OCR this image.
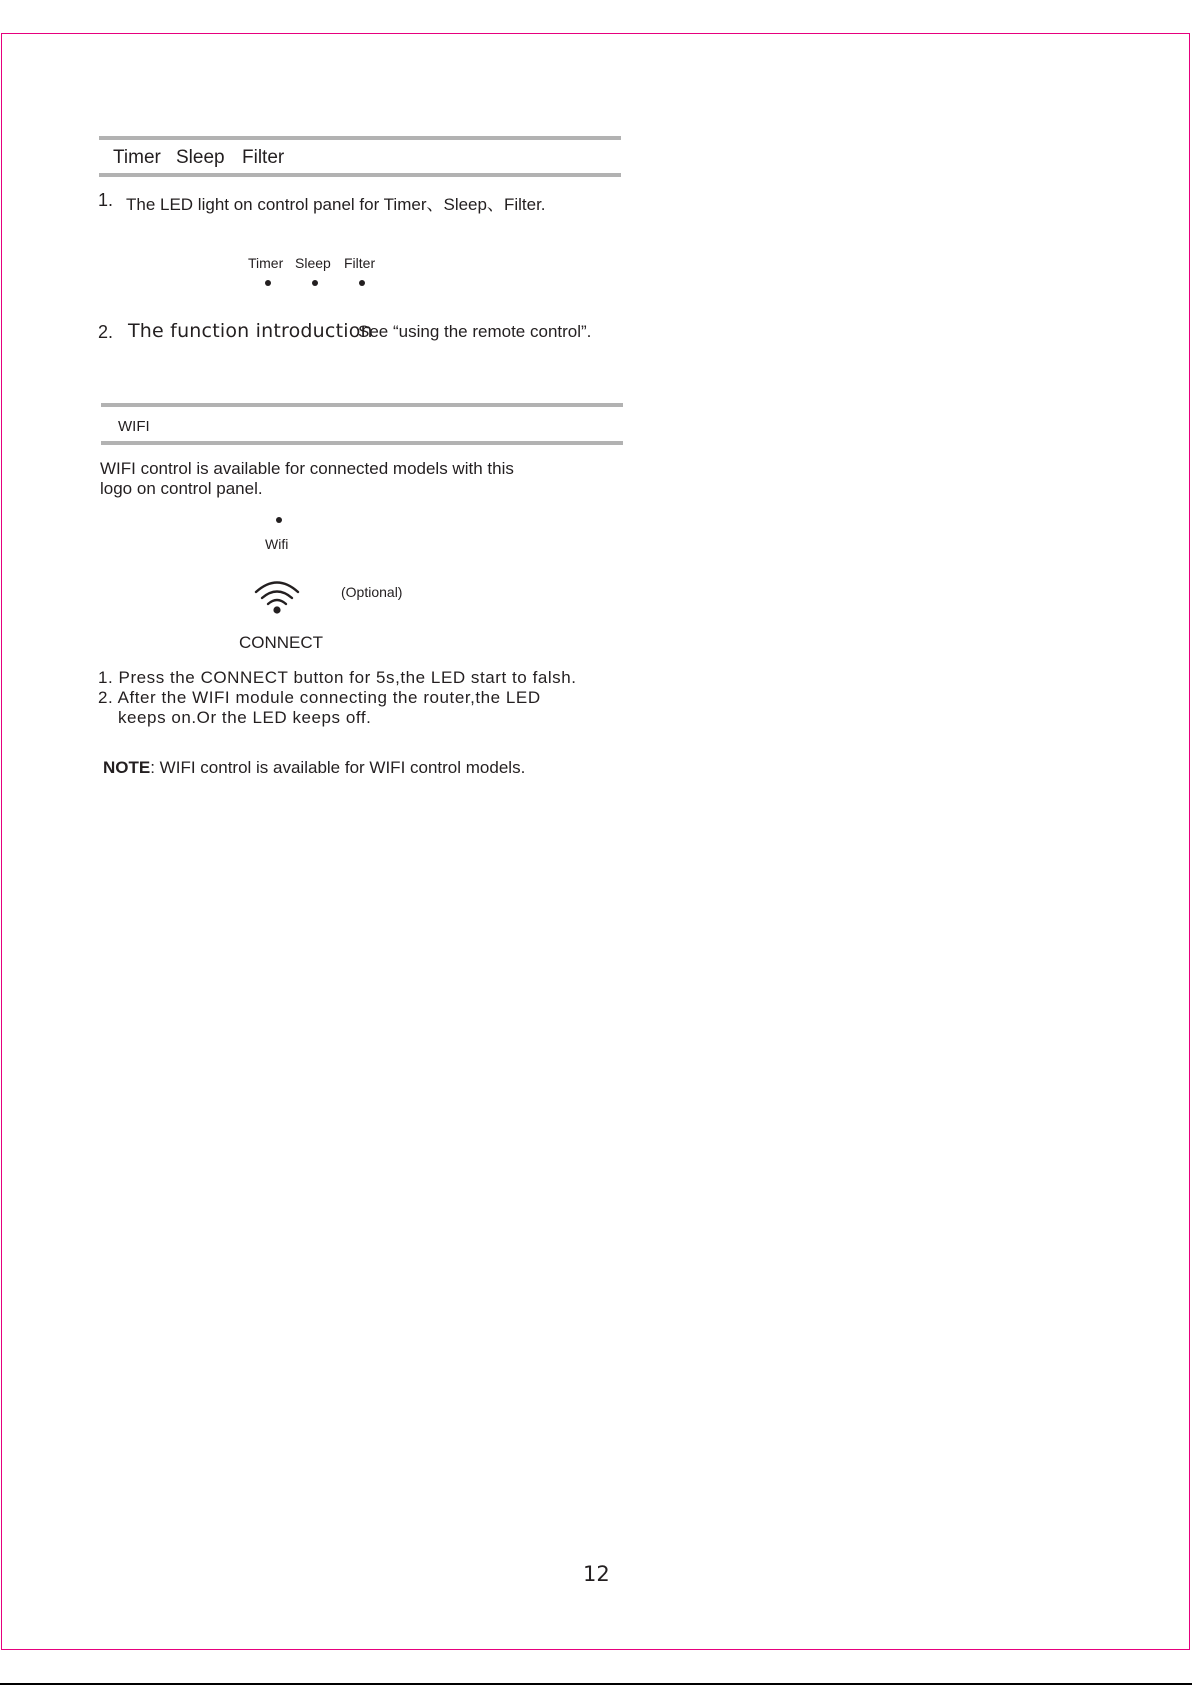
Timer Sleep Filter
1. The LED light on control panel for Timer、Sleep、Filter.
Timer Sleep Filter
2. The function introduction
See “using the remote control”.
WIFI
WIFI control is available for connected models with this
logo on control panel.
Wifi
(Optional)
CONNECT
1. Press the CONNECT button for 5s,the LED start to falsh.
2. After the WIFI module connecting the router,the LED
keeps on.Or the LED keeps off.
NOTE: WIFI control is available for WIFI control models.
12
